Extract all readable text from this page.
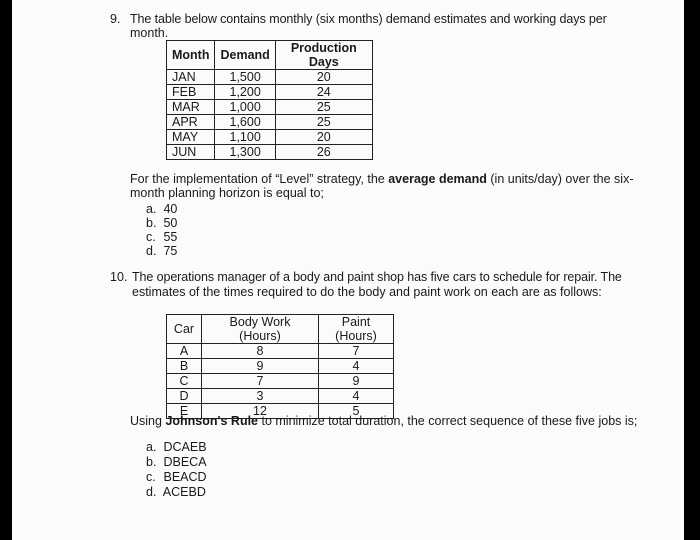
9. The table below contains monthly (six months) demand estimates and working days per
month.
Month	Demand	Production Days
JAN	1,500	20
FEB	1,200	24
MAR	1,000	25
APR	1,600	25
MAY	1,100	20
JUN	1,300	26
For the implementation of “Level” strategy, the average demand (in units/day) over the six-
month planning horizon is equal to;
a. 40
b. 50
c. 55
d. 75
10. The operations manager of a body and paint shop has five cars to schedule for repair. The
estimates of the times required to do the body and paint work on each are as follows:
Car	Body Work (Hours)	Paint (Hours)
A	8	7
B	9	4
C	7	9
D	3	4
E	12	5
Using Johnson's Rule to minimize total duration, the correct sequence of these five jobs is;
a. DCAEB
b. DBECA
c. BEACD
d. ACEBD
